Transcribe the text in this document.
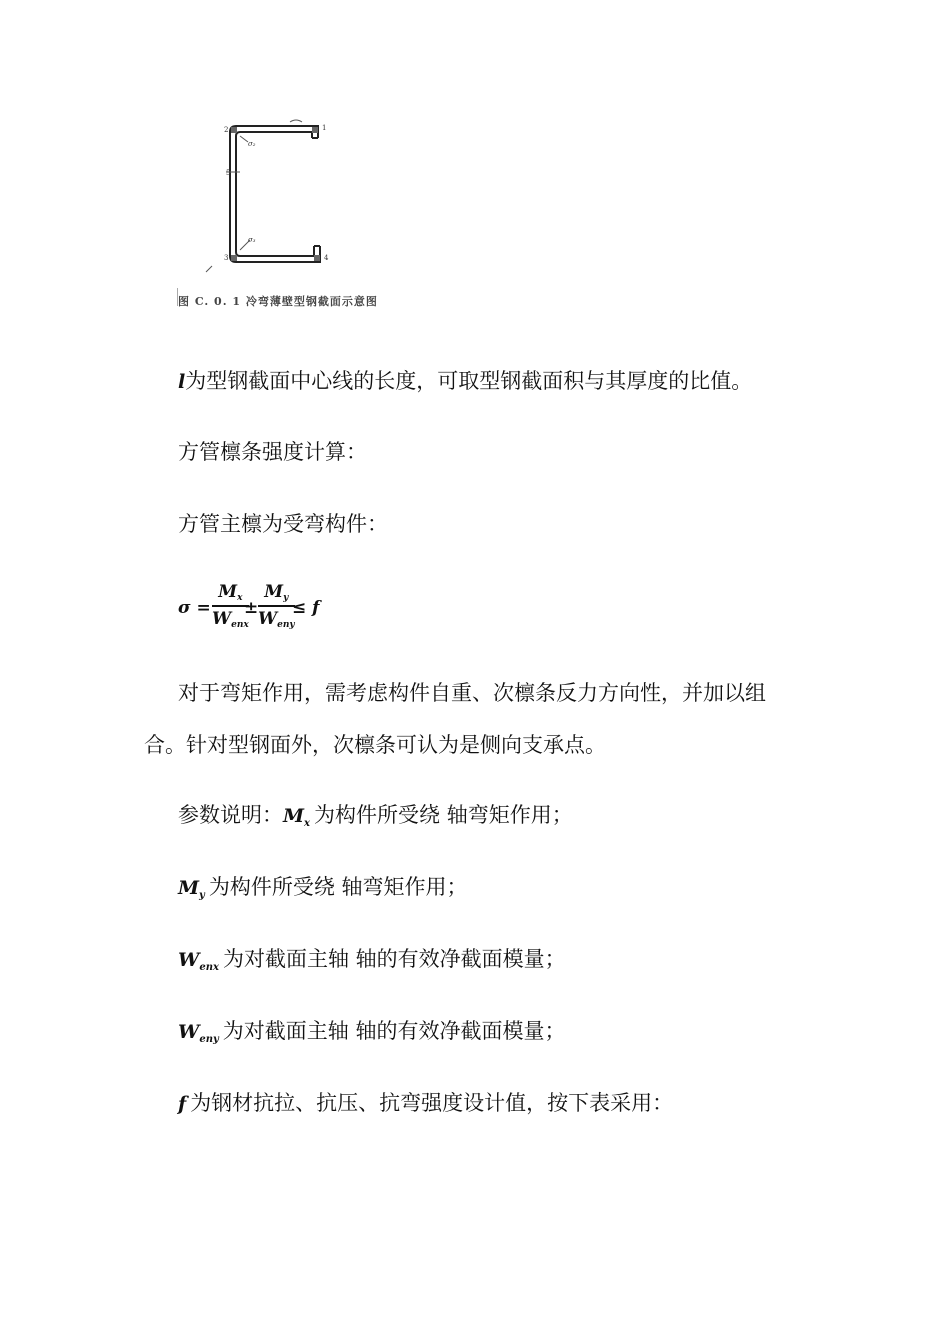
2	1
5
3	4
σ₂
σ₃
图 C. 0. 1 冷弯薄壁型钢截面示意图
l为型钢截面中心线的长度，可取型钢截面积与其厚度的比值。
方管檩条强度计算：
方管主檩为受弯构件：
σ =
Mx
Wenx
±
My
Weny
≤ f
对于弯矩作用，需考虑构件自重、次檩条反力方向性，并加以组
合。针对型钢面外，次檩条可认为是侧向支承点。
参数说明：$M_x$ 为构件所受绕 轴弯矩作用；
$M_y$ 为构件所受绕 轴弯矩作用；
$W_{enx}$ 为对截面主轴 轴的有效净截面模量；
$W_{eny}$ 为对截面主轴 轴的有效净截面模量；
f 为钢材抗拉、抗压、抗弯强度设计值，按下表采用：
